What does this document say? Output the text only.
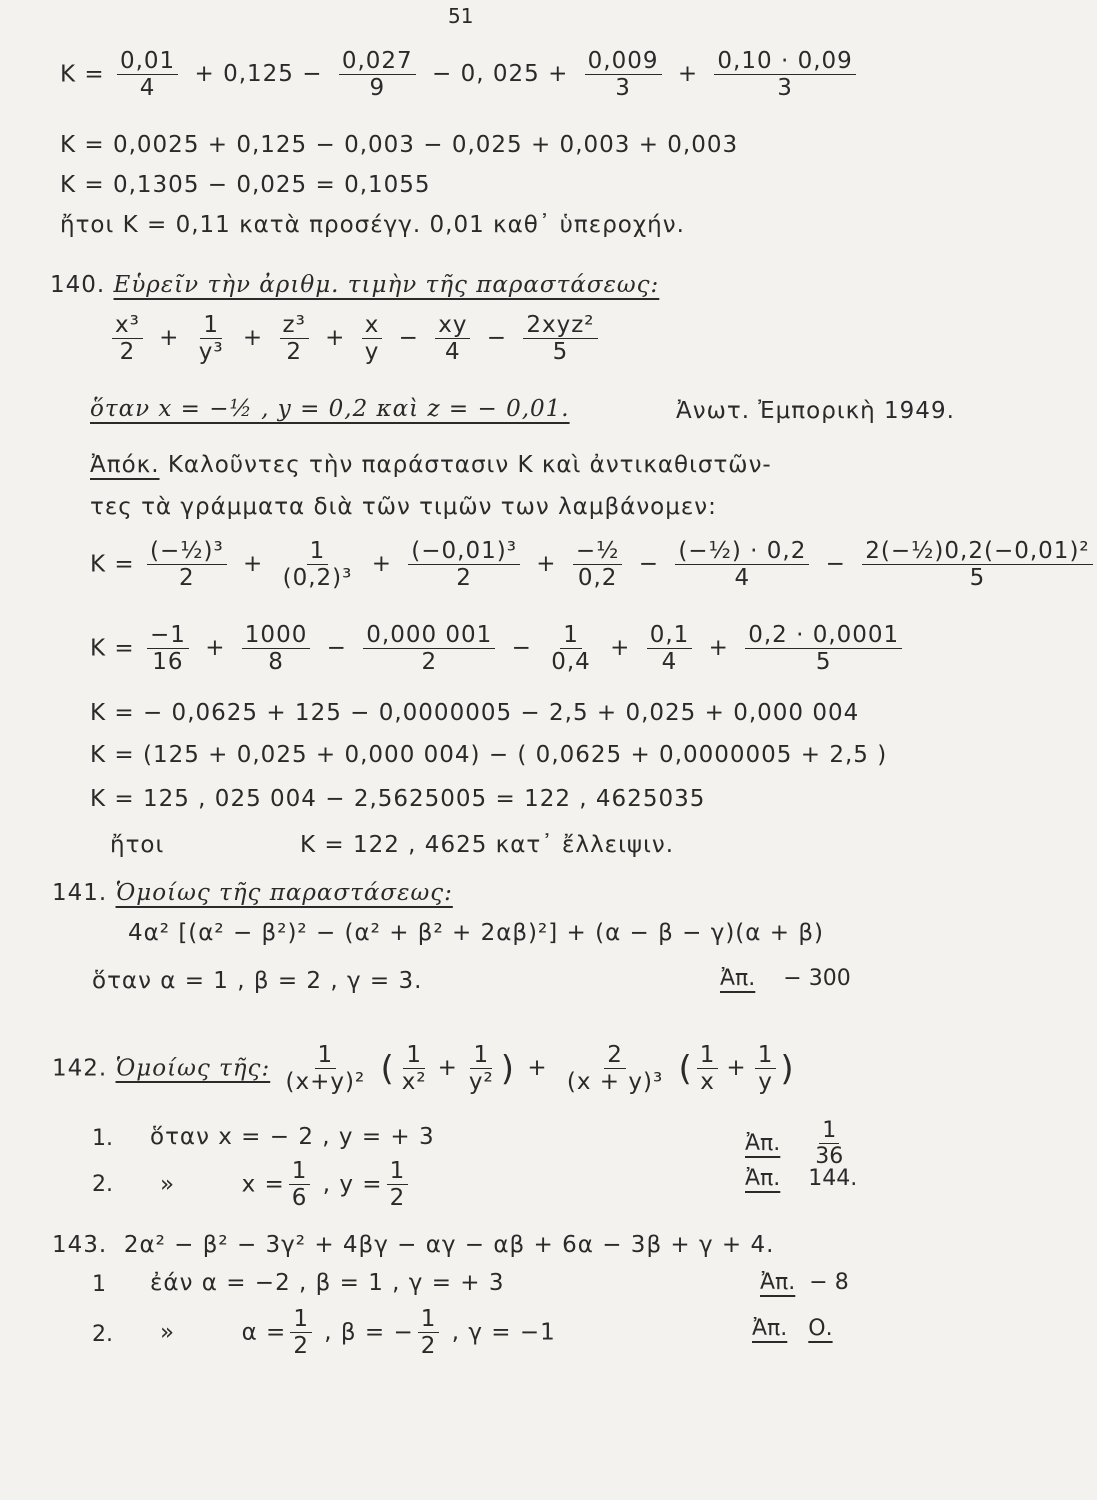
51
$K = \frac{0,01}{4} + 0,125 - \frac{0,027}{9} - 0$, $025 + \frac{0,009}{3} + \frac{0,10 \cdot 0,09}{3}$
K = 0,0025 + 0,125 − 0,003 − 0,025 + 0,003 + 0,003
K = 0,1305 − 0,025 = 0,1055
ἤτοι K = 0,11 κατὰ προσέγγ. 0,01 καθ᾽ ὑπεροχήν.
140. Εὑρεῖν τὴν ἀριθμ. τιμὴν τῆς παραστάσεως:
$\frac{\text{x³}}{2} + \frac{1}{\text{y³}} + \frac{\text{z³}}{2} + \frac{x}{y} - \frac{xy}{4} - \frac{\text{2xyz²}}{5}$
ὅταν x = −½ , y = 0,2 καὶ z = − 0,01.	Ἀνωτ. Ἐμπορικὴ 1949.
Ἀπόκ. Καλοῦντες τὴν παράστασιν K καὶ ἀντικαθιστῶν-
τες τὰ γράμματα διὰ τῶν τιμῶν των λαμβάνομεν:
$K = \frac{\text{(−½)³}}{2} + \frac{1}{\text{(0,2)³}} + \frac{\text{(−0,01)³}}{2} + \frac{\text{−½}}{0,2} - \frac{\text{(−½) · 0,2}}{4} - \frac{\text{2(−½)0,2(−0,01)²}}{5}$
$K = \frac{-1}{16} + \frac{1000}{8} - \frac{0,000 001}{2} - \frac{1}{0,4} + \frac{0,1}{4} + \frac{0,2 \cdot 0,0001}{5}$
K = − 0,0625 + 125 − 0,0000005 − 2,5 + 0,025 + 0,000 004
K = (125 + 0,025 + 0,000 004) − ( 0,0625 + 0,0000005 + 2,5 )
K = 125 , 025 004 − 2,5625005 = 122 , 4625035
ἤτοι	K = 122 , 4625 κατ᾽ ἔλλειψιν.
141. Ὁμοίως τῆς παραστάσεως:
4α² [(α² − β²)² − (α² + β² + 2αβ)²] + (α − β − γ)(α + β)
ὅταν α = 1 , β = 2 , γ = 3.	Ἀπ. − 300
142. Ὁμοίως τῆς: $\frac{1}{\text{(x+y)²}}$ ( $\frac{1}{\text{x²}} + \frac{1}{\text{y²}}$ ) + $\frac{2}{\text{(x + y)³}}$ ( $\frac{1}{x} + \frac{1}{y}$ )
1. ὅταν x = − 2 , y = + 3	Ἀπ. $\frac{1}{36}$
2. »	$x = \frac{1}{6}$ , $y = \frac{1}{2}$	Ἀπ. 144.
143. 2α² − β² − 3γ² + 4βγ − αγ − αβ + 6α − 3β + γ + 4.
1 ἐάν α = −2 , β = 1 , γ = + 3	Ἀπ. − 8
2. »	$\alpha = \frac{1}{2}$ , β = − $\frac{1}{2}$ , γ = −1	Ἀπ. Ο.
